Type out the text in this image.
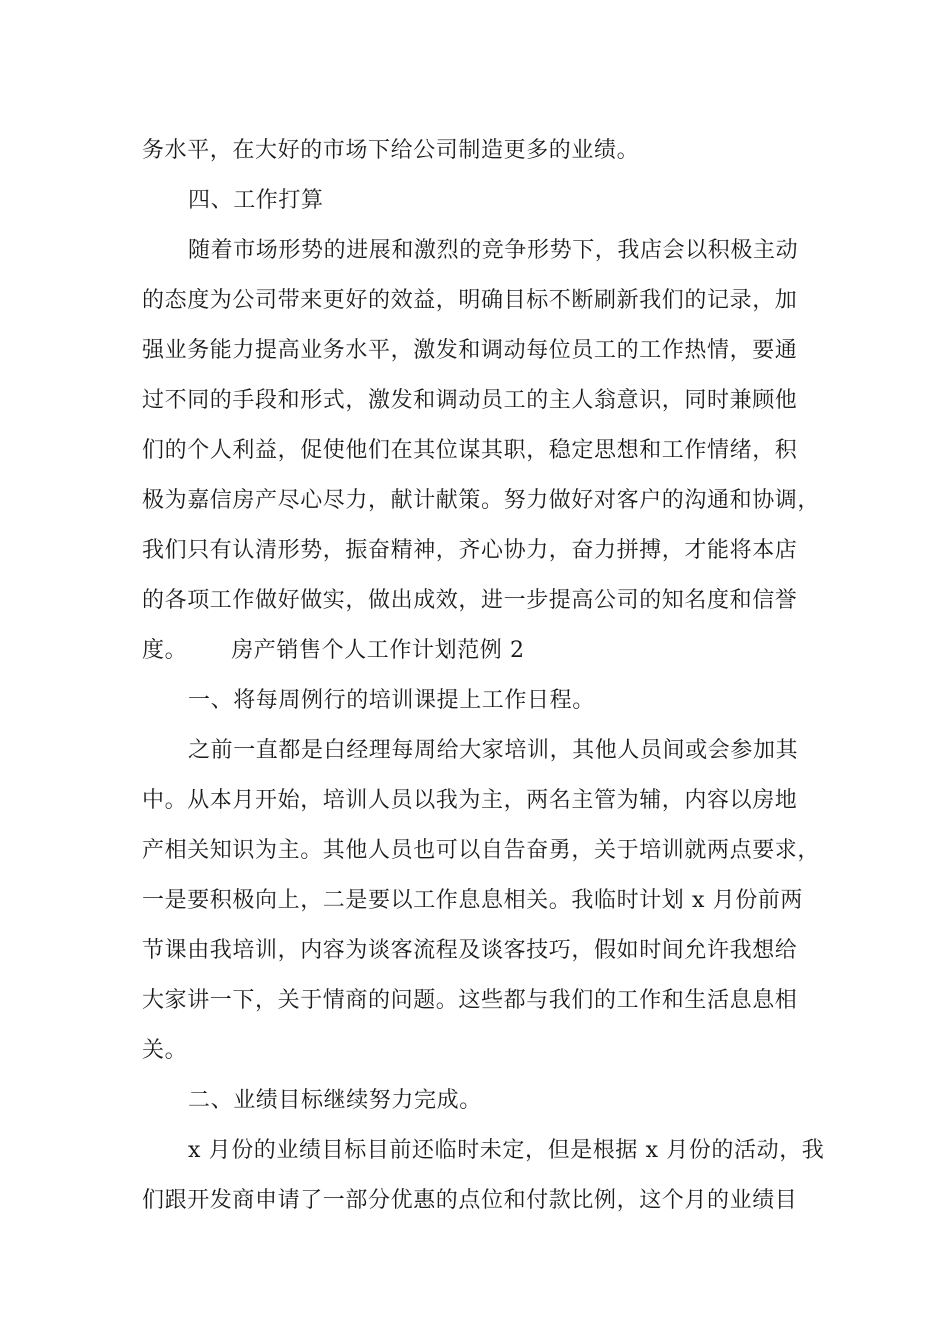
务水平，在大好的市场下给公司制造更多的业绩。
四、工作打算
随着市场形势的进展和激烈的竞争形势下，我店会以积极主动
的态度为公司带来更好的效益，明确目标不断刷新我们的记录，加
强业务能力提高业务水平，激发和调动每位员工的工作热情，要通
过不同的手段和形式，激发和调动员工的主人翁意识，同时兼顾他
们的个人利益，促使他们在其位谋其职，稳定思想和工作情绪，积
极为嘉信房产尽心尽力，献计献策。努力做好对客户的沟通和协调，
我们只有认清形势，振奋精神，齐心协力，奋力拼搏，才能将本店
的各项工作做好做实，做出成效，进一步提高公司的知名度和信誉
度。 房产销售个人工作计划范例 2
一、将每周例行的培训课提上工作日程。
之前一直都是白经理每周给大家培训，其他人员间或会参加其
中。从本月开始，培训人员以我为主，两名主管为辅，内容以房地
产相关知识为主。其他人员也可以自告奋勇，关于培训就两点要求，
一是要积极向上，二是要以工作息息相关。我临时计划 x 月份前两
节课由我培训，内容为谈客流程及谈客技巧，假如时间允许我想给
大家讲一下，关于情商的问题。这些都与我们的工作和生活息息相
关。
二、业绩目标继续努力完成。
x 月份的业绩目标目前还临时未定，但是根据 x 月份的活动，我
们跟开发商申请了一部分优惠的点位和付款比例，这个月的业绩目
